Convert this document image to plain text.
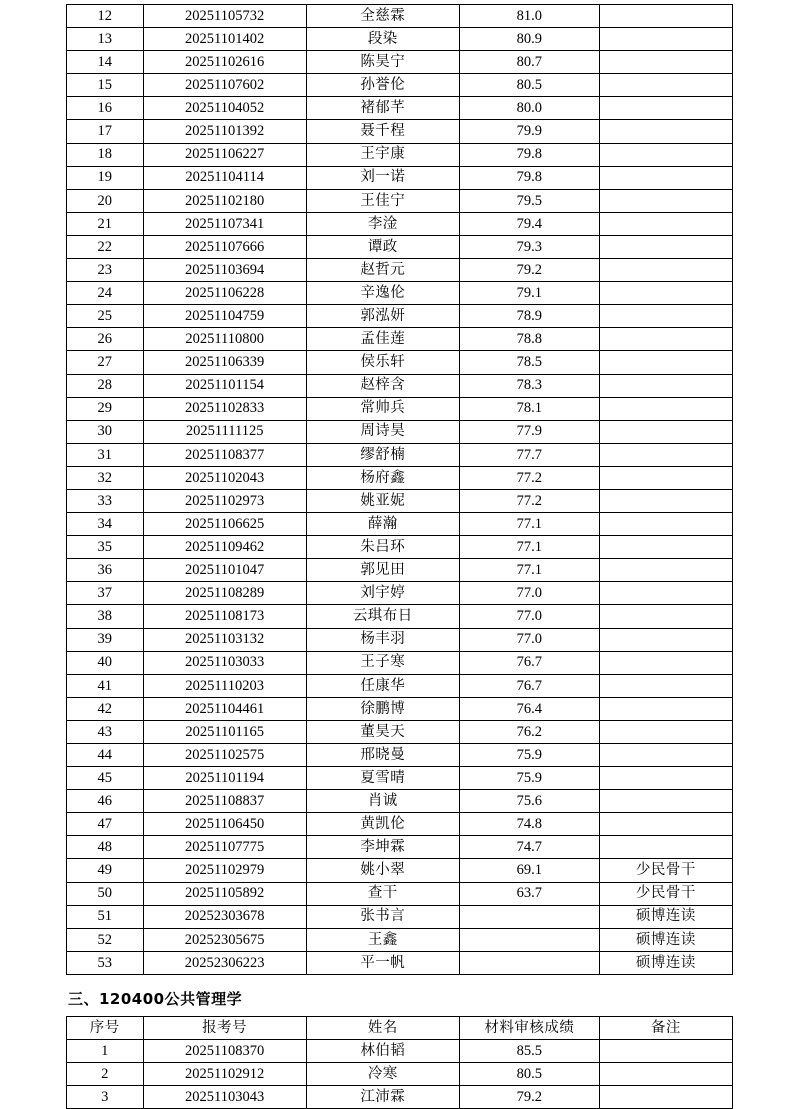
12	20251105732	全慈霖	81.0	
13	20251101402	段染	80.9	
14	20251102616	陈昊宁	80.7	
15	20251107602	孙誉伦	80.5	
16	20251104052	褚郁芊	80.0	
17	20251101392	聂千程	79.9	
18	20251106227	王宇康	79.8	
19	20251104114	刘一诺	79.8	
20	20251102180	王佳宁	79.5	
21	20251107341	李淦	79.4	
22	20251107666	谭政	79.3	
23	20251103694	赵哲元	79.2	
24	20251106228	辛逸伦	79.1	
25	20251104759	郭泓妍	78.9	
26	20251110800	孟佳莲	78.8	
27	20251106339	侯乐轩	78.5	
28	20251101154	赵梓含	78.3	
29	20251102833	常帅兵	78.1	
30	20251111125	周诗昊	77.9	
31	20251108377	缪舒楠	77.7	
32	20251102043	杨府鑫	77.2	
33	20251102973	姚亚妮	77.2	
34	20251106625	薛瀚	77.1	
35	20251109462	朱吕环	77.1	
36	20251101047	郭见田	77.1	
37	20251108289	刘宇婷	77.0	
38	20251108173	云琪布日	77.0	
39	20251103132	杨丰羽	77.0	
40	20251103033	王子寒	76.7	
41	20251110203	任康华	76.7	
42	20251104461	徐鹏博	76.4	
43	20251101165	董昊天	76.2	
44	20251102575	邢晓曼	75.9	
45	20251101194	夏雪晴	75.9	
46	20251108837	肖诚	75.6	
47	20251106450	黄凯伦	74.8	
48	20251107775	李坤霖	74.7	
49	20251102979	姚小翠	69.1	少民骨干
50	20251105892	查干	63.7	少民骨干
51	20252303678	张书言		硕博连读
52	20252305675	王鑫		硕博连读
53	20252306223	平一帆		硕博连读
三、120400公共管理学
序号	报考号	姓名	材料审核成绩	备注
1	20251108370	林伯韬	85.5	
2	20251102912	冷寒	80.5	
3	20251103043	江沛霖	79.2	
